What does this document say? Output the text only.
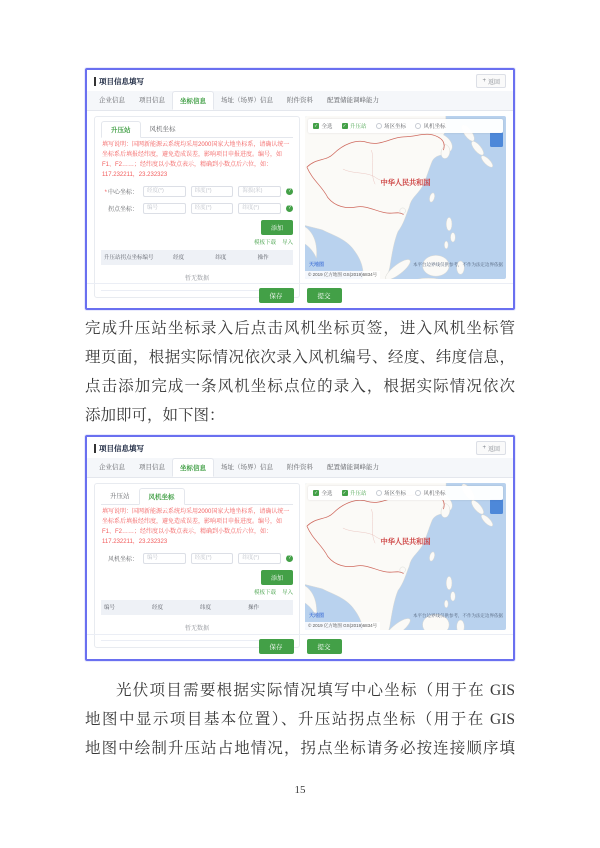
项目信息填写	+ 返回
企业信息	项目信息	坐标信息	场址（场界）信息	附件资料	配置储能调峰能力
升压站	风机坐标
填写说明：国网新能源云系统均采用2000国家大地坐标系，请确认统一坐标系后填报经纬度，避免造成误差，影响项目申报进度。编号，如F1、F2……；经纬度以小数点表示，精确到小数点后六位，如：117.232211，23.232323
*中心坐标：
经度(°)
纬度(°)
海拔(米)	?
拐点坐标：
编号
经度(°)
纬度(°)	?
添加
模板下载 导入
升压站拐点坐标编号	经度	纬度	操作
暂无数据
✓ 全选 ✓ 升压站	场区坐标	风机坐标
天地图
© 2019 亿方地图 GS(2019)6834号
本平台边界线仅供参考，不作为法定边界依据
保存	提交
完成升压站坐标录入后点击风机坐标页签，进入风机坐标管
理页面，根据实际情况依次录入风机编号、经度、纬度信息，
点击添加完成一条风机坐标点位的录入，根据实际情况依次
添加即可，如下图：
项目信息填写	+ 返回
企业信息	项目信息	坐标信息	场址（场界）信息	附件资料	配置储能调峰能力
升压站	风机坐标
填写说明：国网新能源云系统均采用2000国家大地坐标系，请确认统一坐标系后填报经纬度，避免造成误差，影响项目申报进度。编号，如F1、F2……；经纬度以小数点表示，精确到小数点后六位，如：117.232211，23.232323
风机坐标：
编号
经度(°)
纬度(°)	?
添加
模板下载 导入
编号	经度	纬度	操作
暂无数据
✓ 全选 ✓ 升压站	场区坐标	风机坐标
天地图
© 2019 亿方地图 GS(2019)6834号
本平台边界线仅供参考，不作为法定边界依据
保存	提交
光伏项目需要根据实际情况填写中心坐标（用于在 GIS
地图中显示项目基本位置）、升压站拐点坐标（用于在 GIS
地图中绘制升压站占地情况，拐点坐标请务必按连接顺序填
15
